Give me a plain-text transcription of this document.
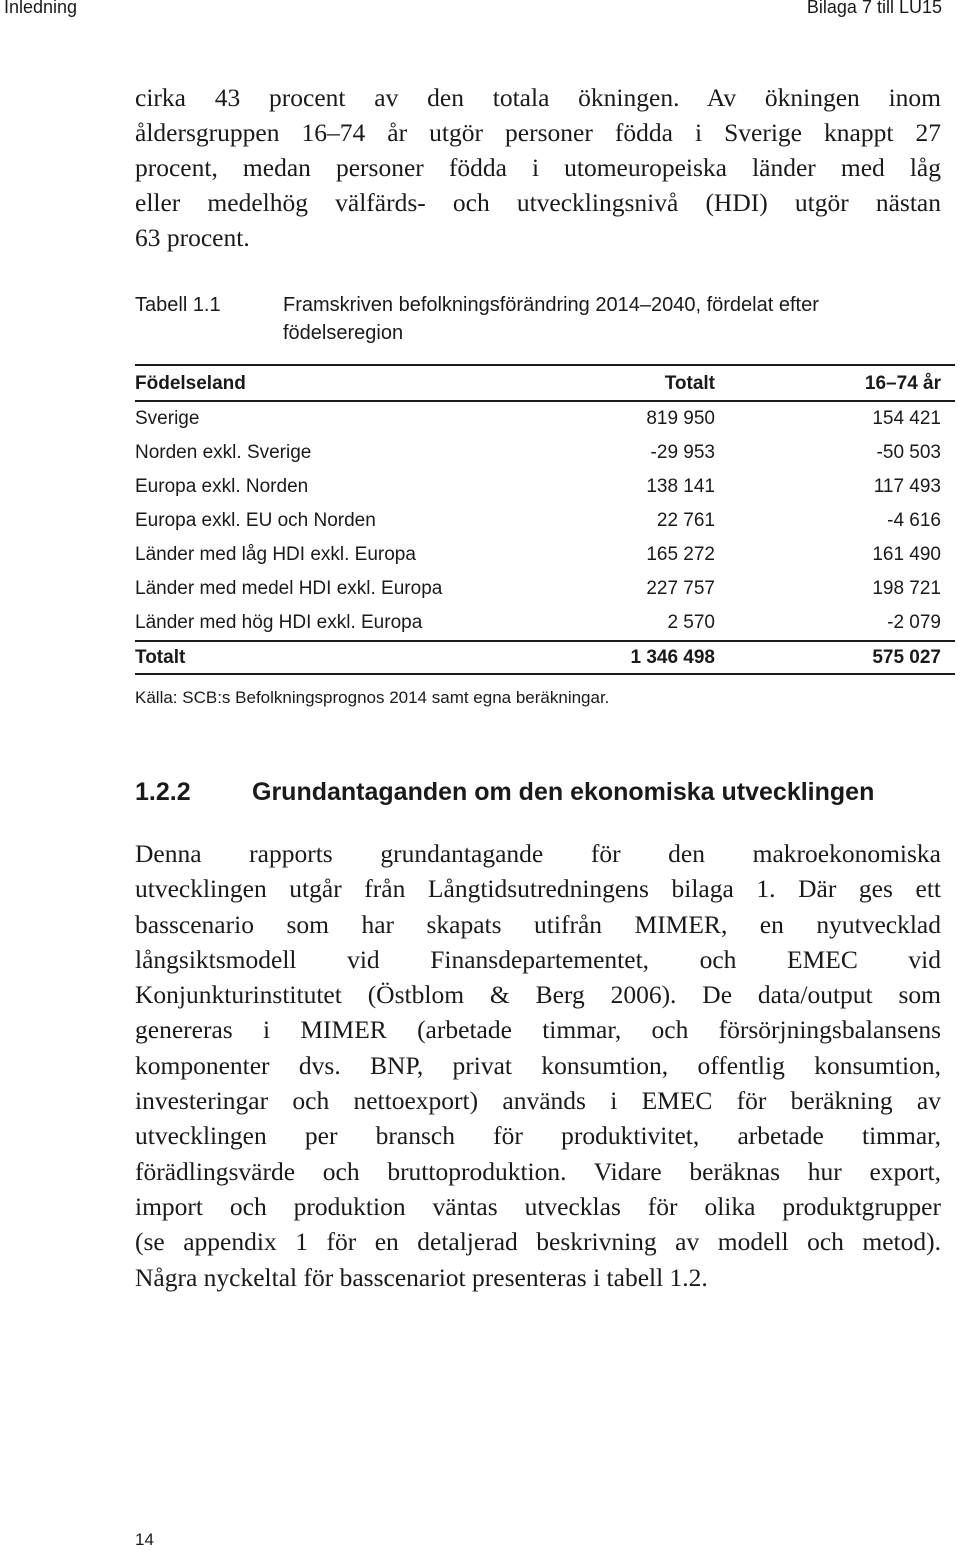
Inledning	Bilaga 7 till LU15
cirka 43 procent av den totala ökningen. Av ökningen inom
åldersgruppen 16–74 år utgör personer födda i Sverige knappt 27
procent, medan personer födda i utomeuropeiska länder med låg
eller medelhög välfärds- och utvecklingsnivå (HDI) utgör nästan
63 procent.
Tabell 1.1	Framskriven befolkningsförändring 2014–2040, fördelat efter födelseregion
Födelseland	Totalt	16–74 år
Sverige	819 950	154 421
Norden exkl. Sverige	-29 953	-50 503
Europa exkl. Norden	138 141	117 493
Europa exkl. EU och Norden	22 761	-4 616
Länder med låg HDI exkl. Europa	165 272	161 490
Länder med medel HDI exkl. Europa	227 757	198 721
Länder med hög HDI exkl. Europa	2 570	-2 079
Totalt	1 346 498	575 027
Källa: SCB:s Befolkningsprognos 2014 samt egna beräkningar.
1.2.2 Grundantaganden om den ekonomiska utvecklingen
Denna rapports grundantagande för den makroekonomiska
utvecklingen utgår från Långtidsutredningens bilaga 1. Där ges ett
basscenario som har skapats utifrån MIMER, en nyutvecklad
långsiktsmodell vid Finansdepartementet, och EMEC vid
Konjunkturinstitutet (Östblom & Berg 2006). De data/output som
genereras i MIMER (arbetade timmar, och försörjningsbalansens
komponenter dvs. BNP, privat konsumtion, offentlig konsumtion,
investeringar och nettoexport) används i EMEC för beräkning av
utvecklingen per bransch för produktivitet, arbetade timmar,
förädlingsvärde och bruttoproduktion. Vidare beräknas hur export,
import och produktion väntas utvecklas för olika produktgrupper
(se appendix 1 för en detaljerad beskrivning av modell och metod).
Några nyckeltal för basscenariot presenteras i tabell 1.2.
14
